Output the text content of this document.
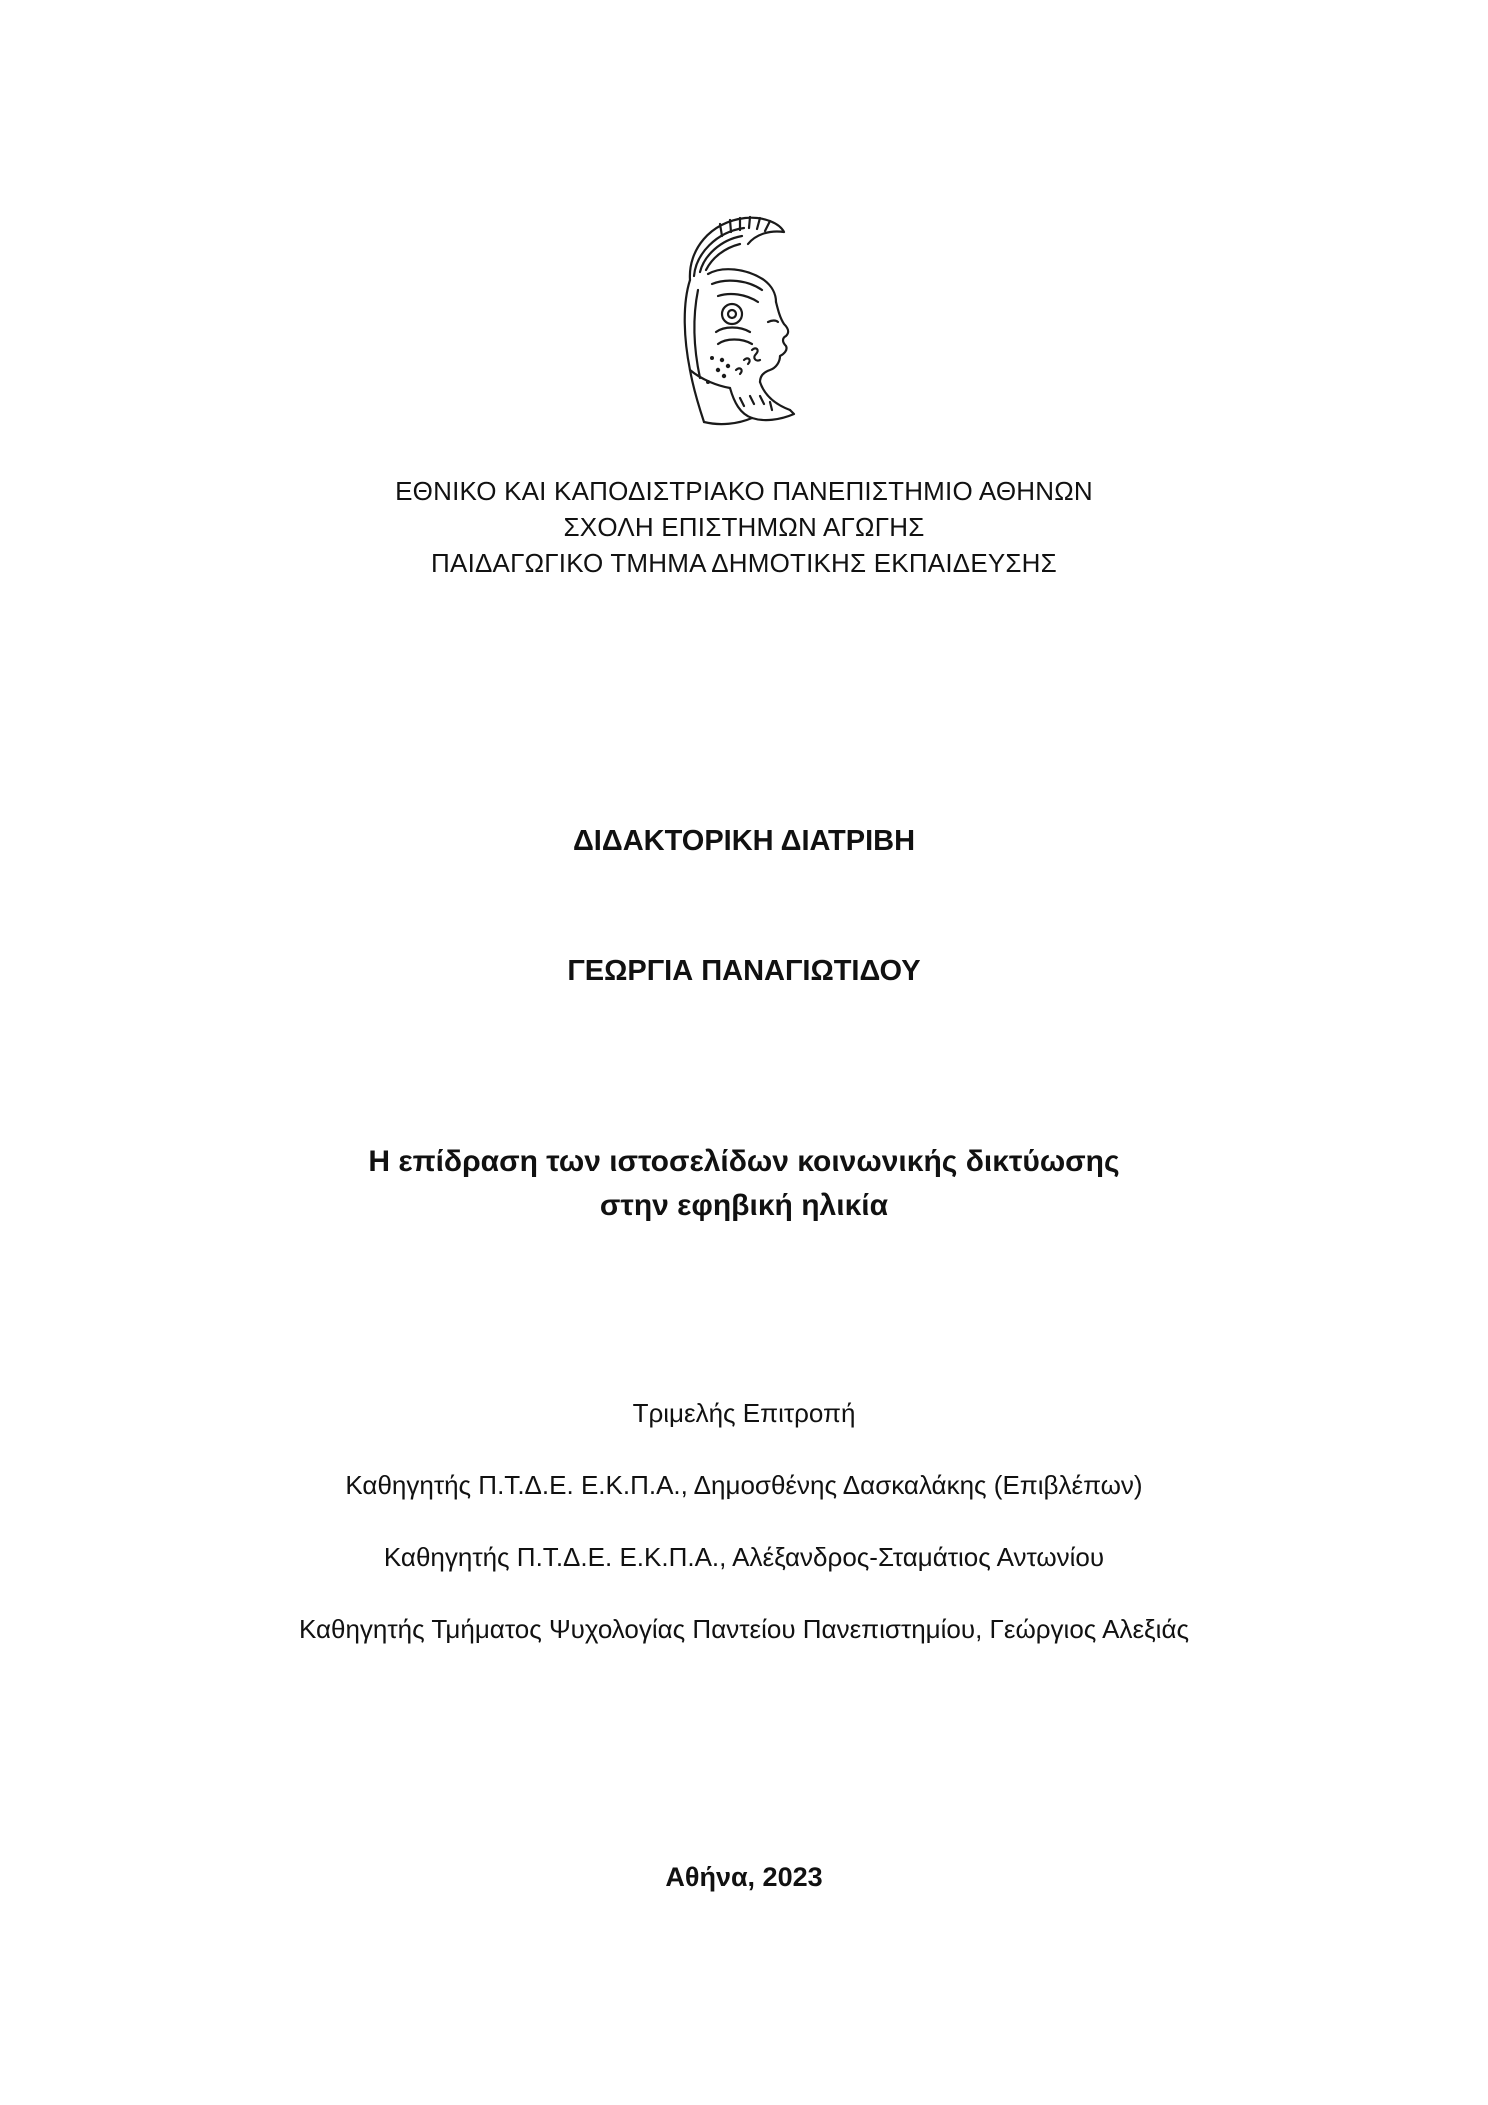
ΕΘΝΙΚΟ ΚΑΙ ΚΑΠΟΔΙΣΤΡΙΑΚΟ ΠΑΝΕΠΙΣΤΗΜΙΟ ΑΘΗΝΩΝ
ΣΧΟΛΗ ΕΠΙΣΤΗΜΩΝ ΑΓΩΓΗΣ
ΠΑΙΔΑΓΩΓΙΚΟ ΤΜΗΜΑ ΔΗΜΟΤΙΚΗΣ ΕΚΠΑΙΔΕΥΣΗΣ
ΔΙΔΑΚΤΟΡΙΚΗ ΔΙΑΤΡΙΒΗ
ΓΕΩΡΓΙΑ ΠΑΝΑΓΙΩΤΙΔΟΥ
Η επίδραση των ιστοσελίδων κοινωνικής δικτύωσης
στην εφηβική ηλικία
Τριμελής Επιτροπή
Καθηγητής Π.Τ.Δ.Ε. Ε.Κ.Π.Α., Δημοσθένης Δασκαλάκης (Επιβλέπων)
Καθηγητής Π.Τ.Δ.Ε. Ε.Κ.Π.Α., Αλέξανδρος-Σταμάτιος Αντωνίου
Καθηγητής Τμήματος Ψυχολογίας Παντείου Πανεπιστημίου, Γεώργιος Αλεξιάς
Αθήνα, 2023
